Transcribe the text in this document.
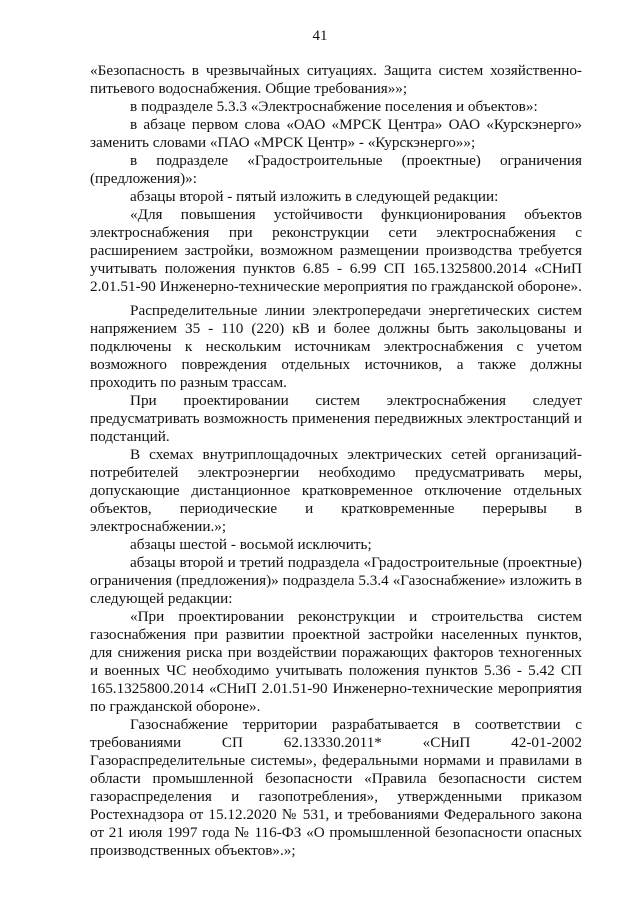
41

«Безопасность в чрезвычайных ситуациях. Защита систем хозяйственно-питьевого водоснабжения. Общие требования»»;

в подразделе 5.3.3 «Электроснабжение поселения и объектов»:

в абзаце первом слова «ОАО «МРСК Центра» ОАО «Курскэнерго» заменить словами «ПАО «МРСК Центр» - «Курскэнерго»»;

в подразделе «Градостроительные (проектные) ограничения (предложения)»:

абзацы второй - пятый изложить в следующей редакции:

«Для повышения устойчивости функционирования объектов электроснабжения при реконструкции сети электроснабжения с расширением застройки, возможном размещении производства требуется учитывать положения пунктов 6.85 - 6.99 СП 165.1325800.2014 «СНиП 2.01.51-90 Инженерно-технические мероприятия по гражданской обороне».

Распределительные линии электропередачи энергетических систем напряжением 35 - 110 (220) кВ и более должны быть закольцованы и подключены к нескольким источникам электроснабжения с учетом возможного повреждения отдельных источников, а также должны проходить по разным трассам.

При проектировании систем электроснабжения следует предусматривать возможность применения передвижных электростанций и подстанций.

В схемах внутриплощадочных электрических сетей организаций-потребителей электроэнергии необходимо предусматривать меры, допускающие дистанционное кратковременное отключение отдельных объектов, периодические и кратковременные перерывы в электроснабжении.»;

абзацы шестой - восьмой исключить;

абзацы второй и третий подраздела «Градостроительные (проектные) ограничения (предложения)» подраздела 5.3.4 «Газоснабжение» изложить в следующей редакции:

«При проектировании реконструкции и строительства систем газоснабжения при развитии проектной застройки населенных пунктов, для снижения риска при воздействии поражающих факторов техногенных и военных ЧС необходимо учитывать положения пунктов 5.36 - 5.42 СП 165.1325800.2014 «СНиП 2.01.51-90 Инженерно-технические мероприятия по гражданской обороне».

Газоснабжение территории разрабатывается в соответствии с требованиями СП 62.13330.2011* «СНиП 42-01-2002 Газораспределительные системы», федеральными нормами и правилами в области промышленной безопасности «Правила безопасности систем газораспределения и газопотребления», утвержденными приказом Ростехнадзора от 15.12.2020 № 531, и требованиями Федерального закона от 21 июля 1997 года № 116-ФЗ «О промышленной безопасности опасных производственных объектов».»;
